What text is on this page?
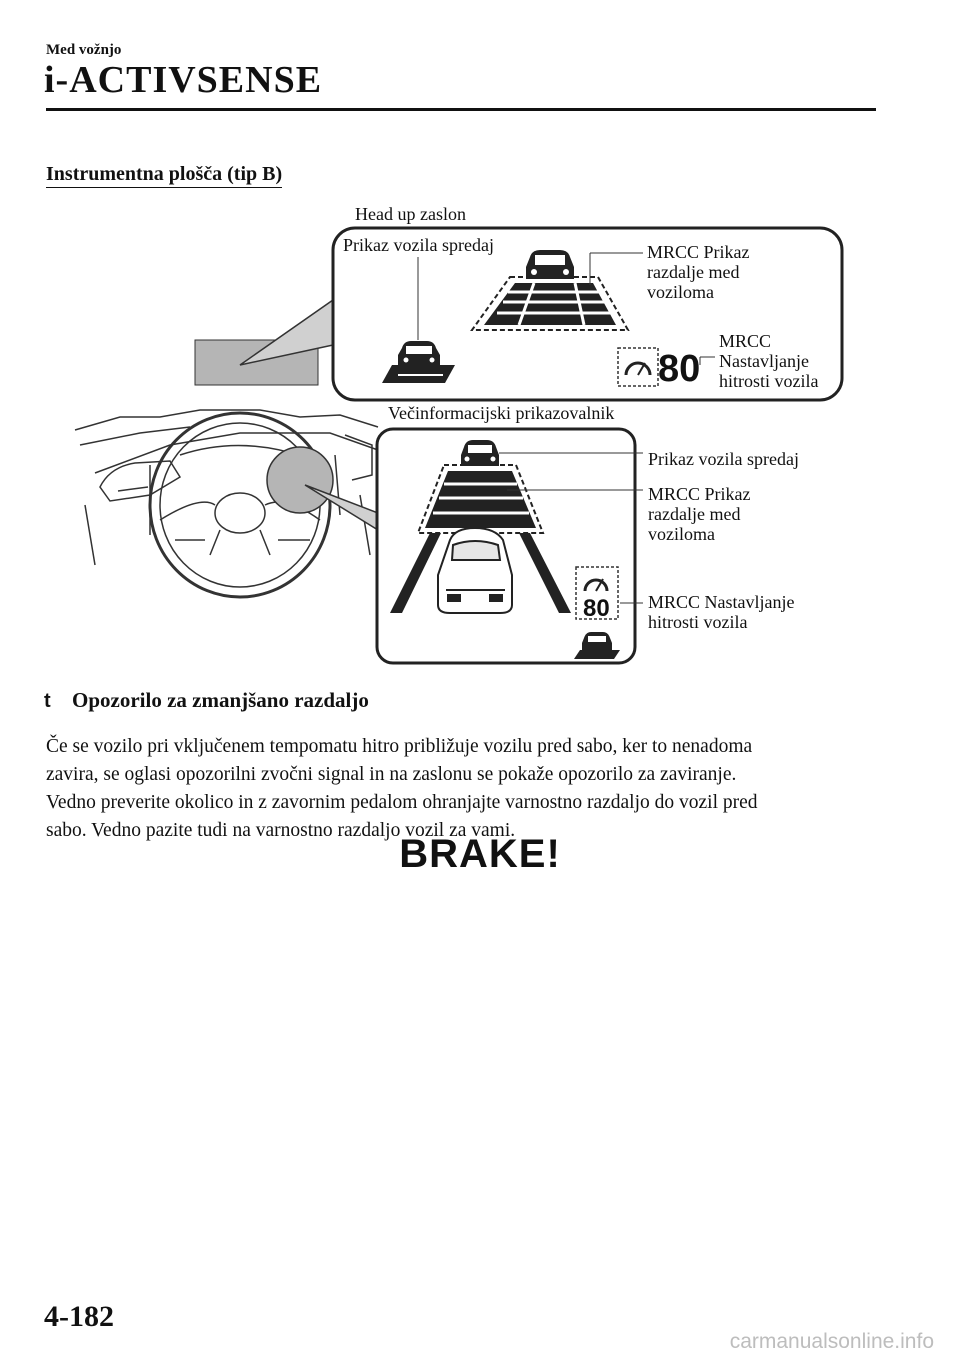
Med vožnjo
i-ACTIVSENSE
Instrumentna plošča (tip B)
Head up zaslon
Prikaz vozila spredaj	MRCC Prikaz razdalje med voziloma
80
MRCC Nastavljanje hitrosti vozila
Večinformacijski prikazovalnik
Prikaz vozila spredaj
MRCC Prikaz razdalje med voziloma
80 MRCC Nastavljanje hitrosti vozila
t	Opozorilo za zmanjšano razdaljo

Če se vozilo pri vključenem tempomatu hitro približuje vozilu pred sabo, ker to nenadoma

zavira, se oglasi opozorilni zvočni signal in na zaslonu se pokaže opozorilo za zaviranje.

Vedno preverite okolico in z zavornim pedalom ohranjajte varnostno razdaljo do vozil pred

sabo. Vedno pazite tudi na varnostno razdaljo vozil za vami.

BRAKE!
4-182
carmanualsonline.info
